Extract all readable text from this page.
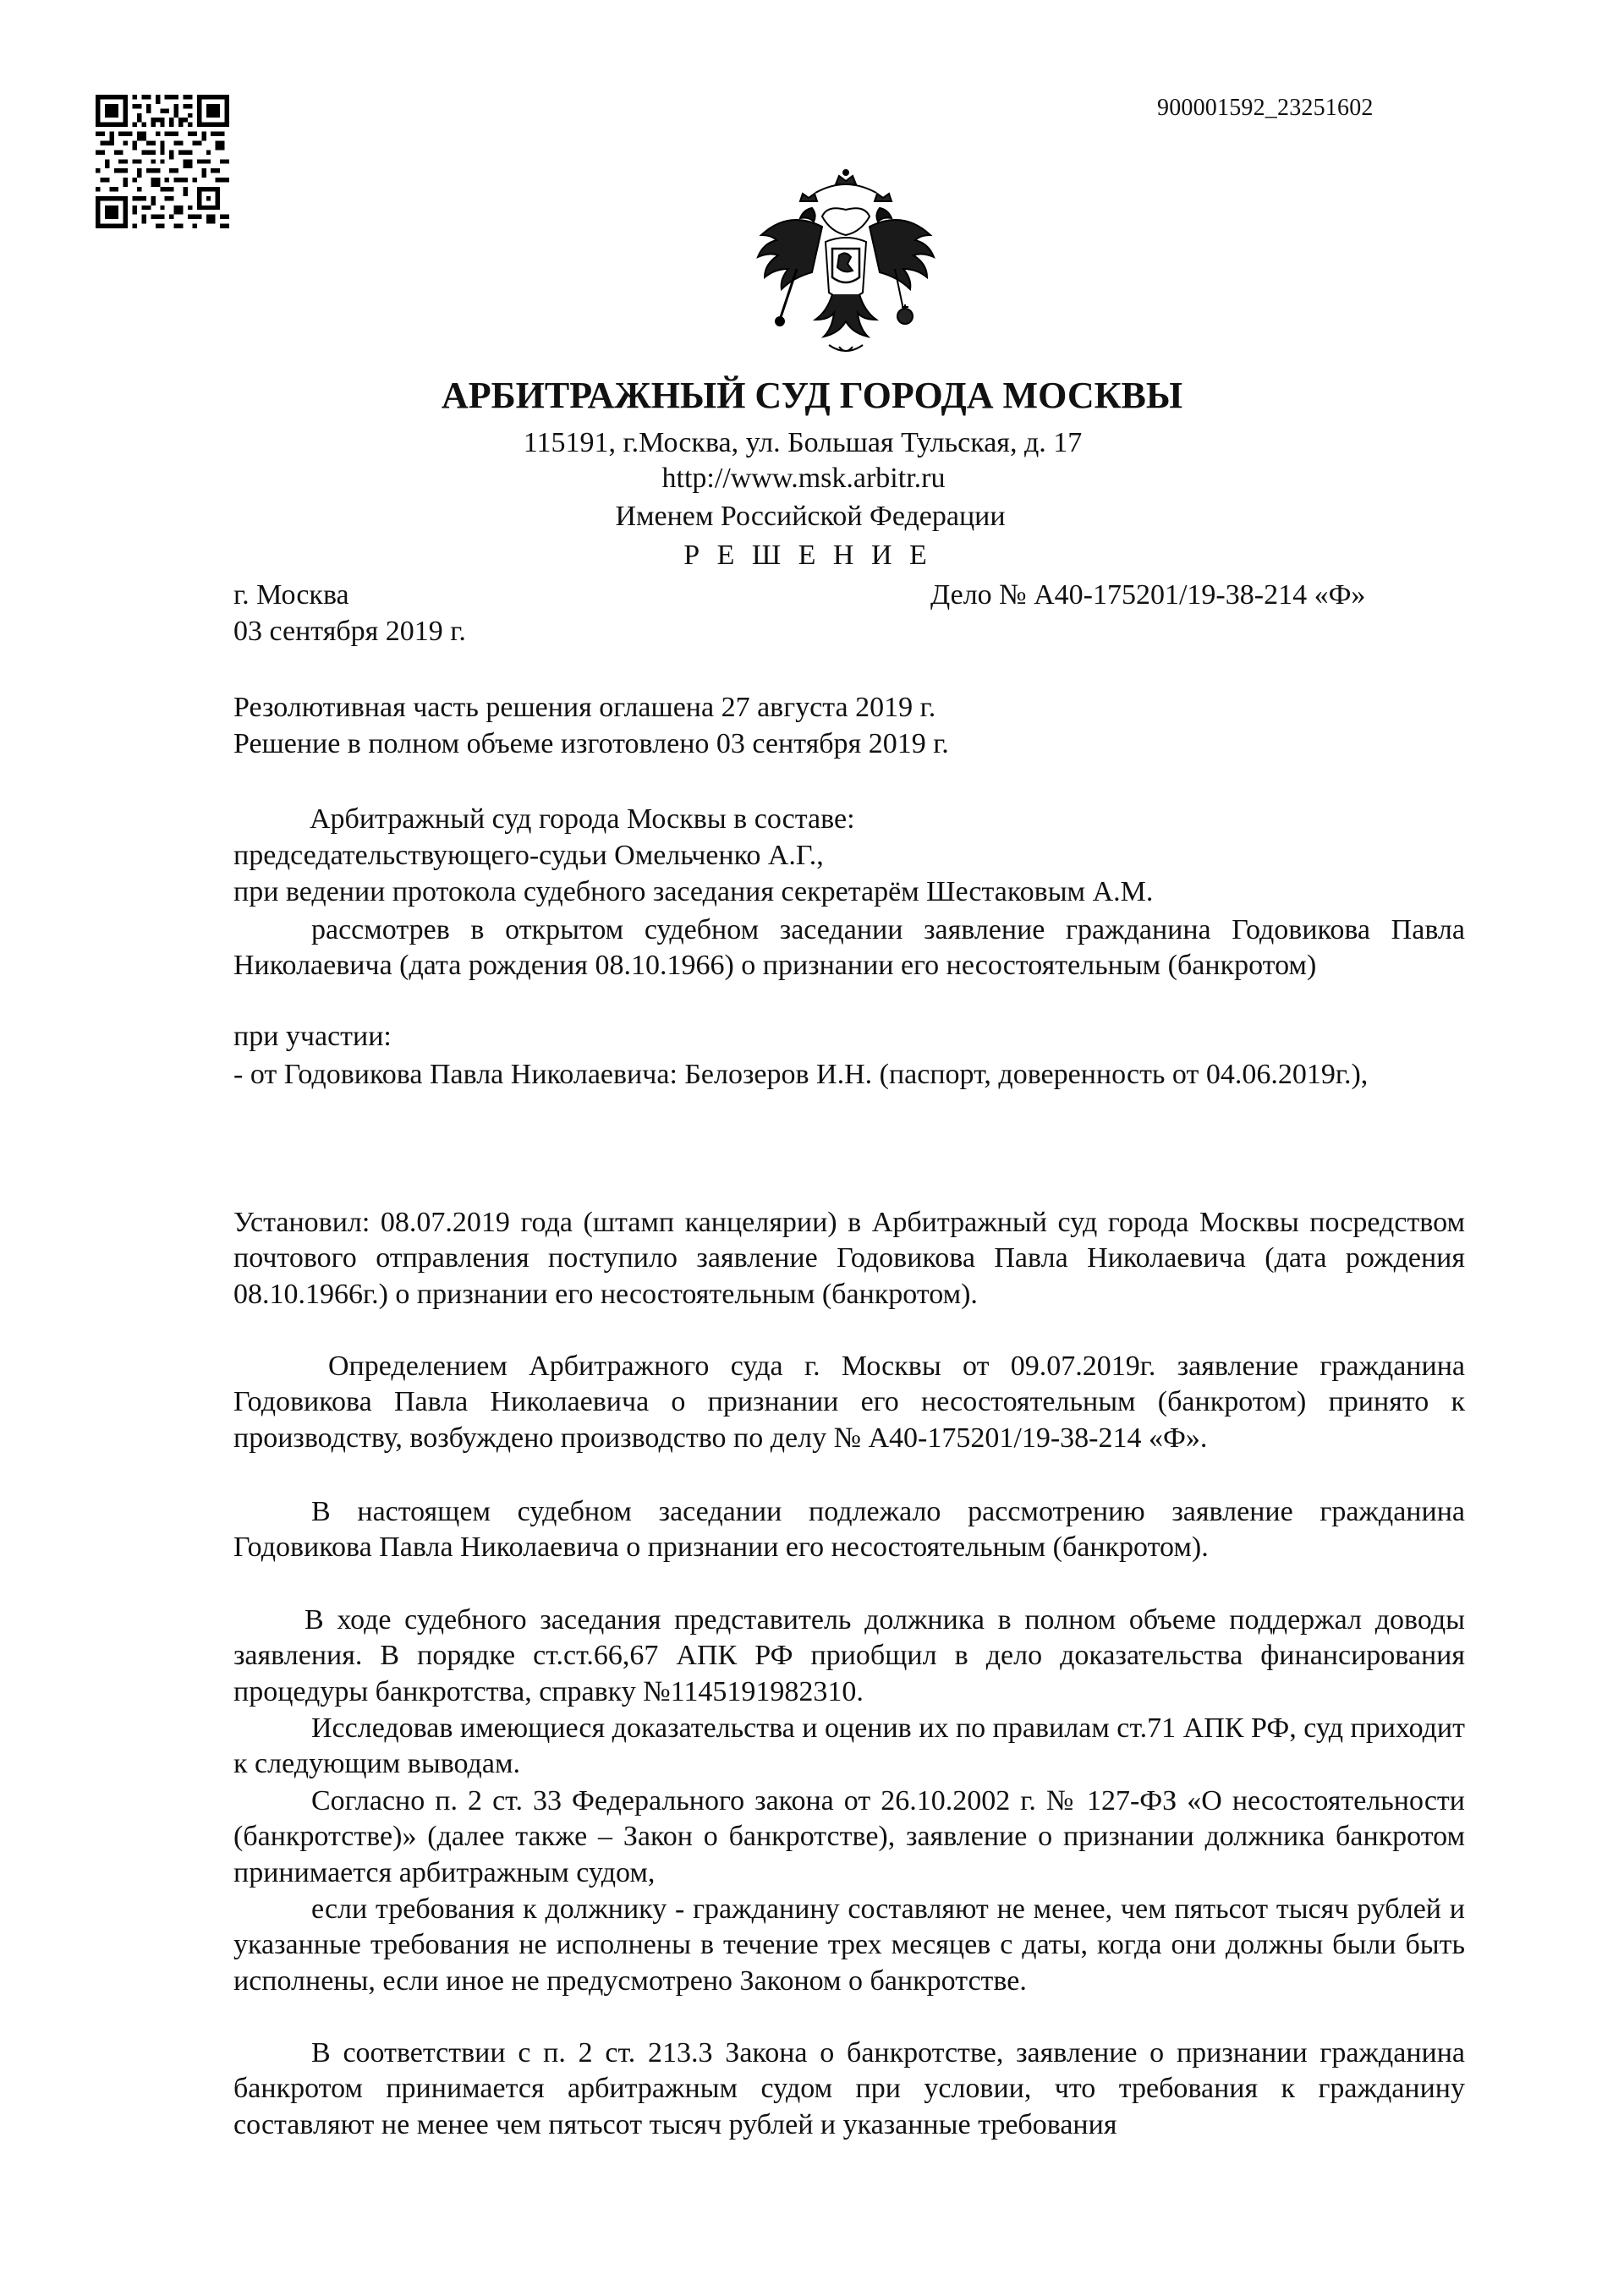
900001592_23251602
АРБИТРАЖНЫЙ СУД ГОРОДА МОСКВЫ
115191, г.Москва, ул. Большая Тульская, д. 17
http://www.msk.arbitr.ru
Именем Российской Федерации
Р Е Ш Е Н И Е
г. Москва	Дело № А40-175201/19-38-214 «Ф»
03 сентября 2019 г.
Резолютивная часть решения оглашена 27 августа 2019 г.
Решение в полном объеме изготовлено 03 сентября 2019 г.
Арбитражный суд города Москвы в составе:
председательствующего-судьи Омельченко А.Г.,
при ведении протокола судебного заседания секретарём Шестаковым А.М.
рассмотрев в открытом судебном заседании заявление гражданина Годовикова Павла Николаевича (дата рождения 08.10.1966) о признании его несостоятельным (банкротом)
при участии:
- от Годовикова Павла Николаевича: Белозеров И.Н. (паспорт, доверенность от 04.06.2019г.),
Установил: 08.07.2019 года (штамп канцелярии) в Арбитражный суд города Москвы посредством почтового отправления поступило заявление Годовикова Павла Николаевича (дата рождения 08.10.1966г.) о признании его несостоятельным (банкротом).
Определением Арбитражного суда г. Москвы от 09.07.2019г. заявление гражданина Годовикова Павла Николаевича о признании его несостоятельным (банкротом) принято к производству, возбуждено производство по делу № А40-175201/19-38-214 «Ф».
В настоящем судебном заседании подлежало рассмотрению заявление гражданина Годовикова Павла Николаевича о признании его несостоятельным (банкротом).
В ходе судебного заседания представитель должника в полном объеме поддержал доводы заявления. В порядке ст.ст.66,67 АПК РФ приобщил в дело доказательства финансирования процедуры банкротства, справку №1145191982310.
Исследовав имеющиеся доказательства и оценив их по правилам ст.71 АПК РФ, суд приходит к следующим выводам.
Согласно п. 2 ст. 33 Федерального закона от 26.10.2002 г. № 127-ФЗ «О несостоятельности (банкротстве)» (далее также – Закон о банкротстве), заявление о признании должника банкротом принимается арбитражным судом,
если требования к должнику - гражданину составляют не менее, чем пятьсот тысяч рублей и указанные требования не исполнены в течение трех месяцев с даты, когда они должны были быть исполнены, если иное не предусмотрено Законом о банкротстве.
В соответствии с п. 2 ст. 213.3 Закона о банкротстве, заявление о признании гражданина банкротом принимается арбитражным судом при условии, что требования к гражданину составляют не менее чем пятьсот тысяч рублей и указанные требования
